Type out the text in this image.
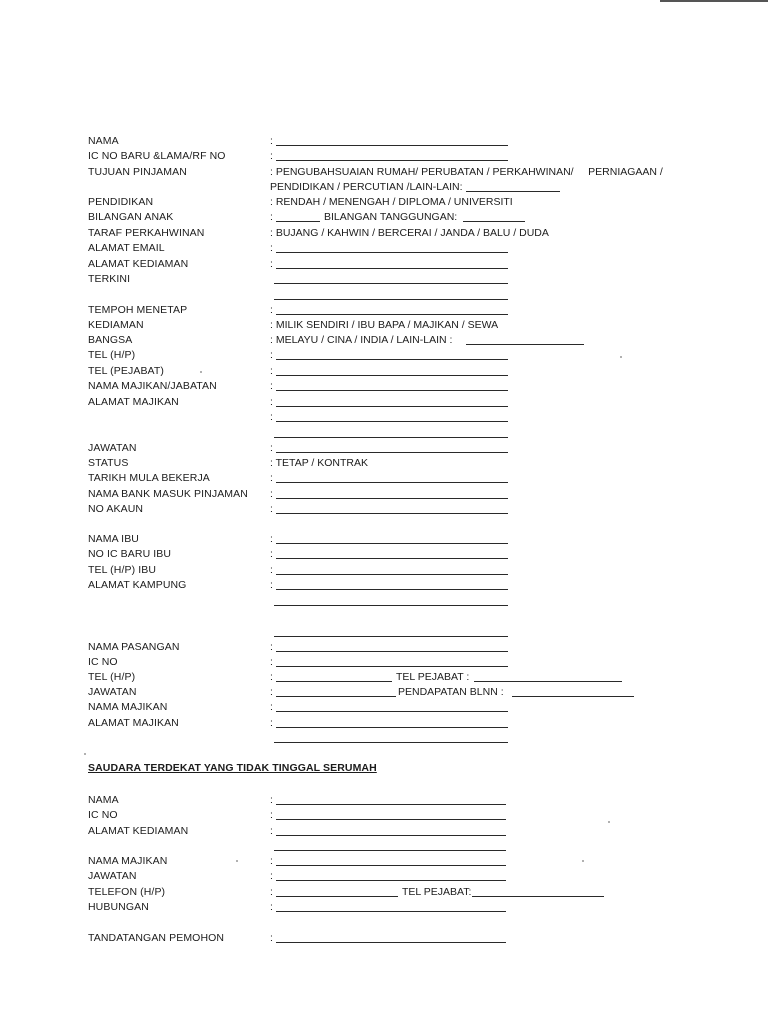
NAMA	:
IC NO BARU &LAMA/RF NO	:
TUJUAN PINJAMAN	: PENGUBAHSUAIAN RUMAH/ PERUBATAN / PERKAHWINAN/     PERNIAGAAN /
PENDIDIKAN / PERCUTIAN /LAIN-LAIN:
PENDIDIKAN	: RENDAH / MENENGAH / DIPLOMA / UNIVERSITI
BILANGAN ANAK	:	BILANGAN TANGGUNGAN:
TARAF PERKAHWINAN	: BUJANG / KAHWIN / BERCERAI / JANDA / BALU / DUDA
ALAMAT EMAIL	:
ALAMAT KEDIAMAN	:
TERKINI
TEMPOH MENETAP	:
KEDIAMAN	: MILIK SENDIRI / IBU BAPA / MAJIKAN / SEWA
BANGSA	: MELAYU / CINA / INDIA / LAIN-LAIN :
TEL (H/P)	:
TEL (PEJABAT)	:
NAMA MAJIKAN/JABATAN	:
ALAMAT MAJIKAN	:
:
JAWATAN	:
STATUS	: TETAP / KONTRAK
TARIKH MULA BEKERJA	:
NAMA BANK MASUK PINJAMAN :
NO AKAUN	:
NAMA IBU	:
NO IC BARU IBU	:
TEL (H/P) IBU	:
ALAMAT KAMPUNG	:
NAMA PASANGAN	:
IC NO	:
TEL (H/P)	:	TEL PEJABAT :
JAWATAN	:	PENDAPATAN BLNN :
NAMA MAJIKAN	:
ALAMAT MAJIKAN	:
SAUDARA TERDEKAT YANG TIDAK TINGGAL SERUMAH
NAMA	:
IC NO	:
ALAMAT KEDIAMAN	:
NAMA MAJIKAN	:
JAWATAN	:
TELEFON (H/P)	:	TEL PEJABAT:
HUBUNGAN	:
TANDATANGAN PEMOHON	:
